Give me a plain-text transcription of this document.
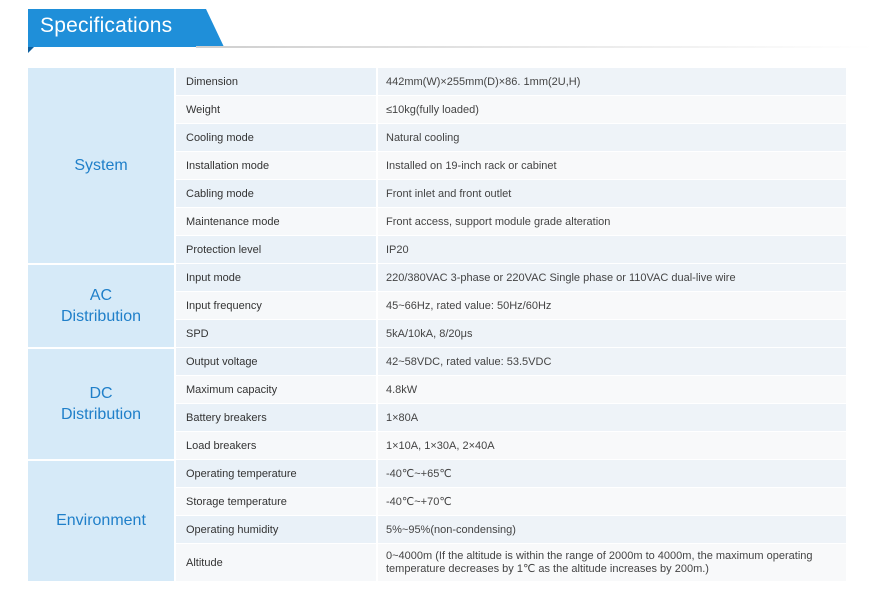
Specifications
System	Dimension	442mm(W)×255mm(D)×86. 1mm(2U,H)
	Weight	≤10kg(fully loaded)
	Cooling mode	Natural cooling
	Installation mode	Installed on 19-inch rack or cabinet
	Cabling mode	Front inlet and front outlet
	Maintenance mode	Front access, support module grade alteration
	Protection level	IP20

AC
Distribution	Input mode	220/380VAC 3-phase or 220VAC Single phase or 110VAC dual-live wire
	Input frequency	45~66Hz, rated value: 50Hz/60Hz
	SPD	5kA/10kA, 8/20μs

DC
Distribution	Output voltage	42~58VDC, rated value: 53.5VDC
	Maximum capacity	4.8kW
	Battery breakers	1×80A
	Load breakers	1×10A, 1×30A, 2×40A

Environment	Operating temperature	-40℃~+65℃
	Storage temperature	-40℃~+70℃
	Operating humidity	5%~95%(non-condensing)
	Altitude	0~4000m (If the altitude is within the range of 2000m to 4000m, the maximum operating
temperature decreases by 1℃ as the altitude increases by 200m.)
